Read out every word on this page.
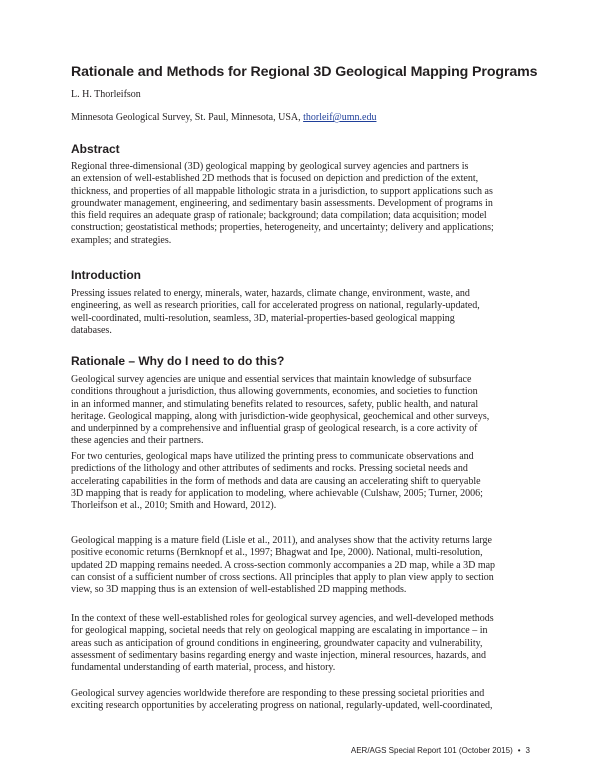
Rationale and Methods for Regional 3D Geological Mapping Programs
L. H. Thorleifson
Minnesota Geological Survey, St. Paul, Minnesota, USA, thorleif@umn.edu
Abstract
Regional three-dimensional (3D) geological mapping by geological survey agencies and partners is
an extension of well-established 2D methods that is focused on depiction and prediction of the extent,
thickness, and properties of all mappable lithologic strata in a jurisdiction, to support applications such as
groundwater management, engineering, and sedimentary basin assessments. Development of programs in
this field requires an adequate grasp of rationale; background; data compilation; data acquisition; model
construction; geostatistical methods; properties, heterogeneity, and uncertainty; delivery and applications;
examples; and strategies.
Introduction
Pressing issues related to energy, minerals, water, hazards, climate change, environment, waste, and
engineering, as well as research priorities, call for accelerated progress on national, regularly-updated,
well-coordinated, multi-resolution, seamless, 3D, material-properties-based geological mapping
databases.
Rationale – Why do I need to do this?
Geological survey agencies are unique and essential services that maintain knowledge of subsurface
conditions throughout a jurisdiction, thus allowing governments, economies, and societies to function
in an informed manner, and stimulating benefits related to resources, safety, public health, and natural
heritage. Geological mapping, along with jurisdiction-wide geophysical, geochemical and other surveys,
and underpinned by a comprehensive and influential grasp of geological research, is a core activity of
these agencies and their partners.
For two centuries, geological maps have utilized the printing press to communicate observations and
predictions of the lithology and other attributes of sediments and rocks. Pressing societal needs and
accelerating capabilities in the form of methods and data are causing an accelerating shift to queryable
3D mapping that is ready for application to modeling, where achievable (Culshaw, 2005; Turner, 2006;
Thorleifson et al., 2010; Smith and Howard, 2012).
Geological mapping is a mature field (Lisle et al., 2011), and analyses show that the activity returns large
positive economic returns (Bernknopf et al., 1997; Bhagwat and Ipe, 2000). National, multi-resolution,
updated 2D mapping remains needed. A cross-section commonly accompanies a 2D map, while a 3D map
can consist of a sufficient number of cross sections. All principles that apply to plan view apply to section
view, so 3D mapping thus is an extension of well-established 2D mapping methods.
In the context of these well-established roles for geological survey agencies, and well-developed methods
for geological mapping, societal needs that rely on geological mapping are escalating in importance – in
areas such as anticipation of ground conditions in engineering, groundwater capacity and vulnerability,
assessment of sedimentary basins regarding energy and waste injection, mineral resources, hazards, and
fundamental understanding of earth material, process, and history.
Geological survey agencies worldwide therefore are responding to these pressing societal priorities and
exciting research opportunities by accelerating progress on national, regularly-updated, well-coordinated,
AER/AGS Special Report 101 (October 2015) • 3
